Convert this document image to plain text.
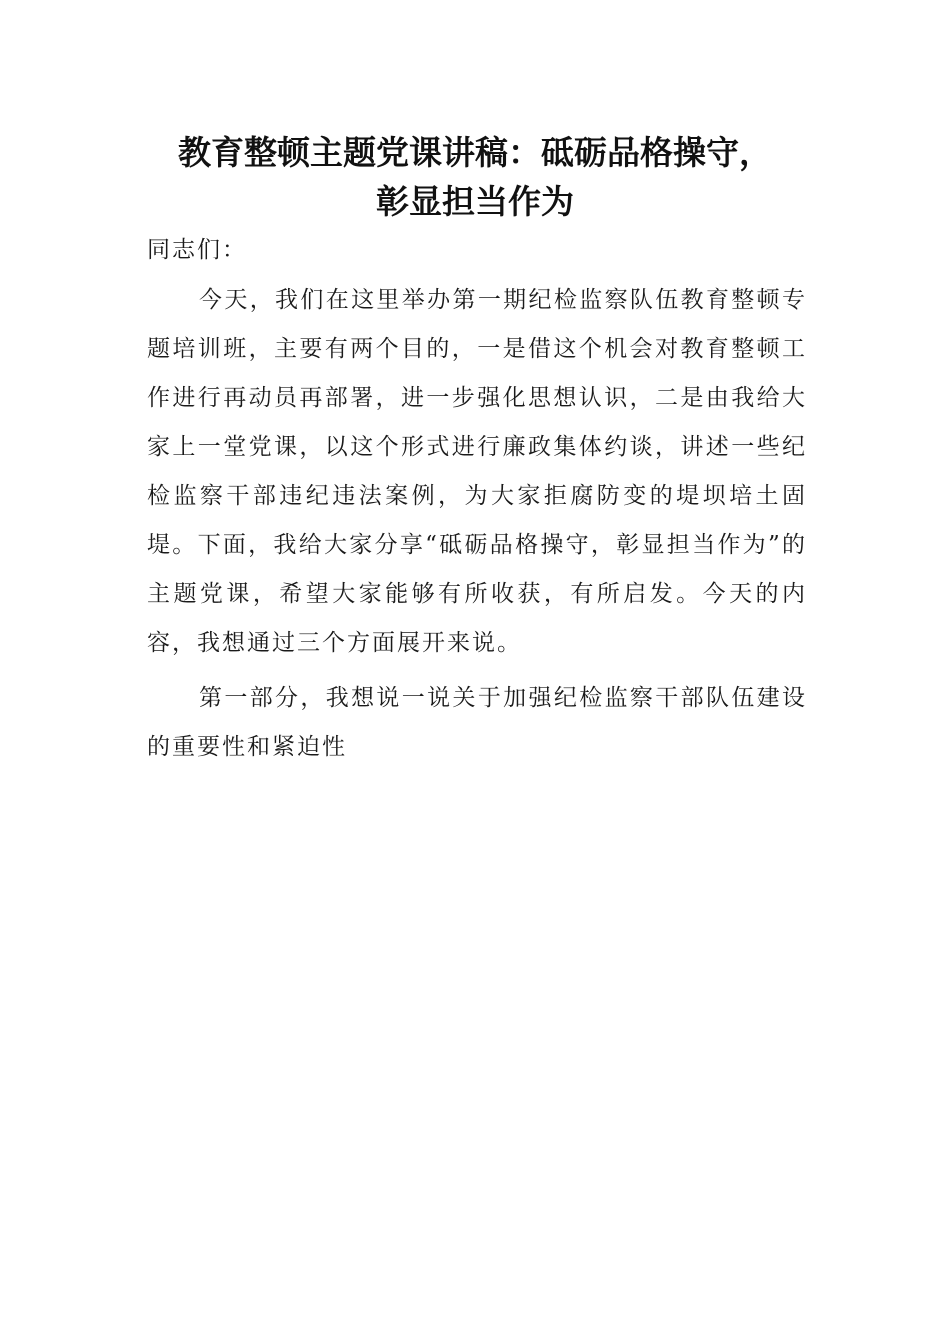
教育整顿主题党课讲稿：砥砺品格操守，
彰显担当作为

同志们：

今天，我们在这里举办第一期纪检监察队伍教育整顿专题培训班，主要有两个目的，一是借这个机会对教育整顿工作进行再动员再部署，进一步强化思想认识，二是由我给大家上一堂党课，以这个形式进行廉政集体约谈，讲述一些纪检监察干部违纪违法案例，为大家拒腐防变的堤坝培土固堤。下面，我给大家分享“砥砺品格操守，彰显担当作为”的主题党课，希望大家能够有所收获，有所启发。今天的内容，我想通过三个方面展开来说。

第一部分，我想说一说关于加强纪检监察干部队伍建设的重要性和紧迫性
